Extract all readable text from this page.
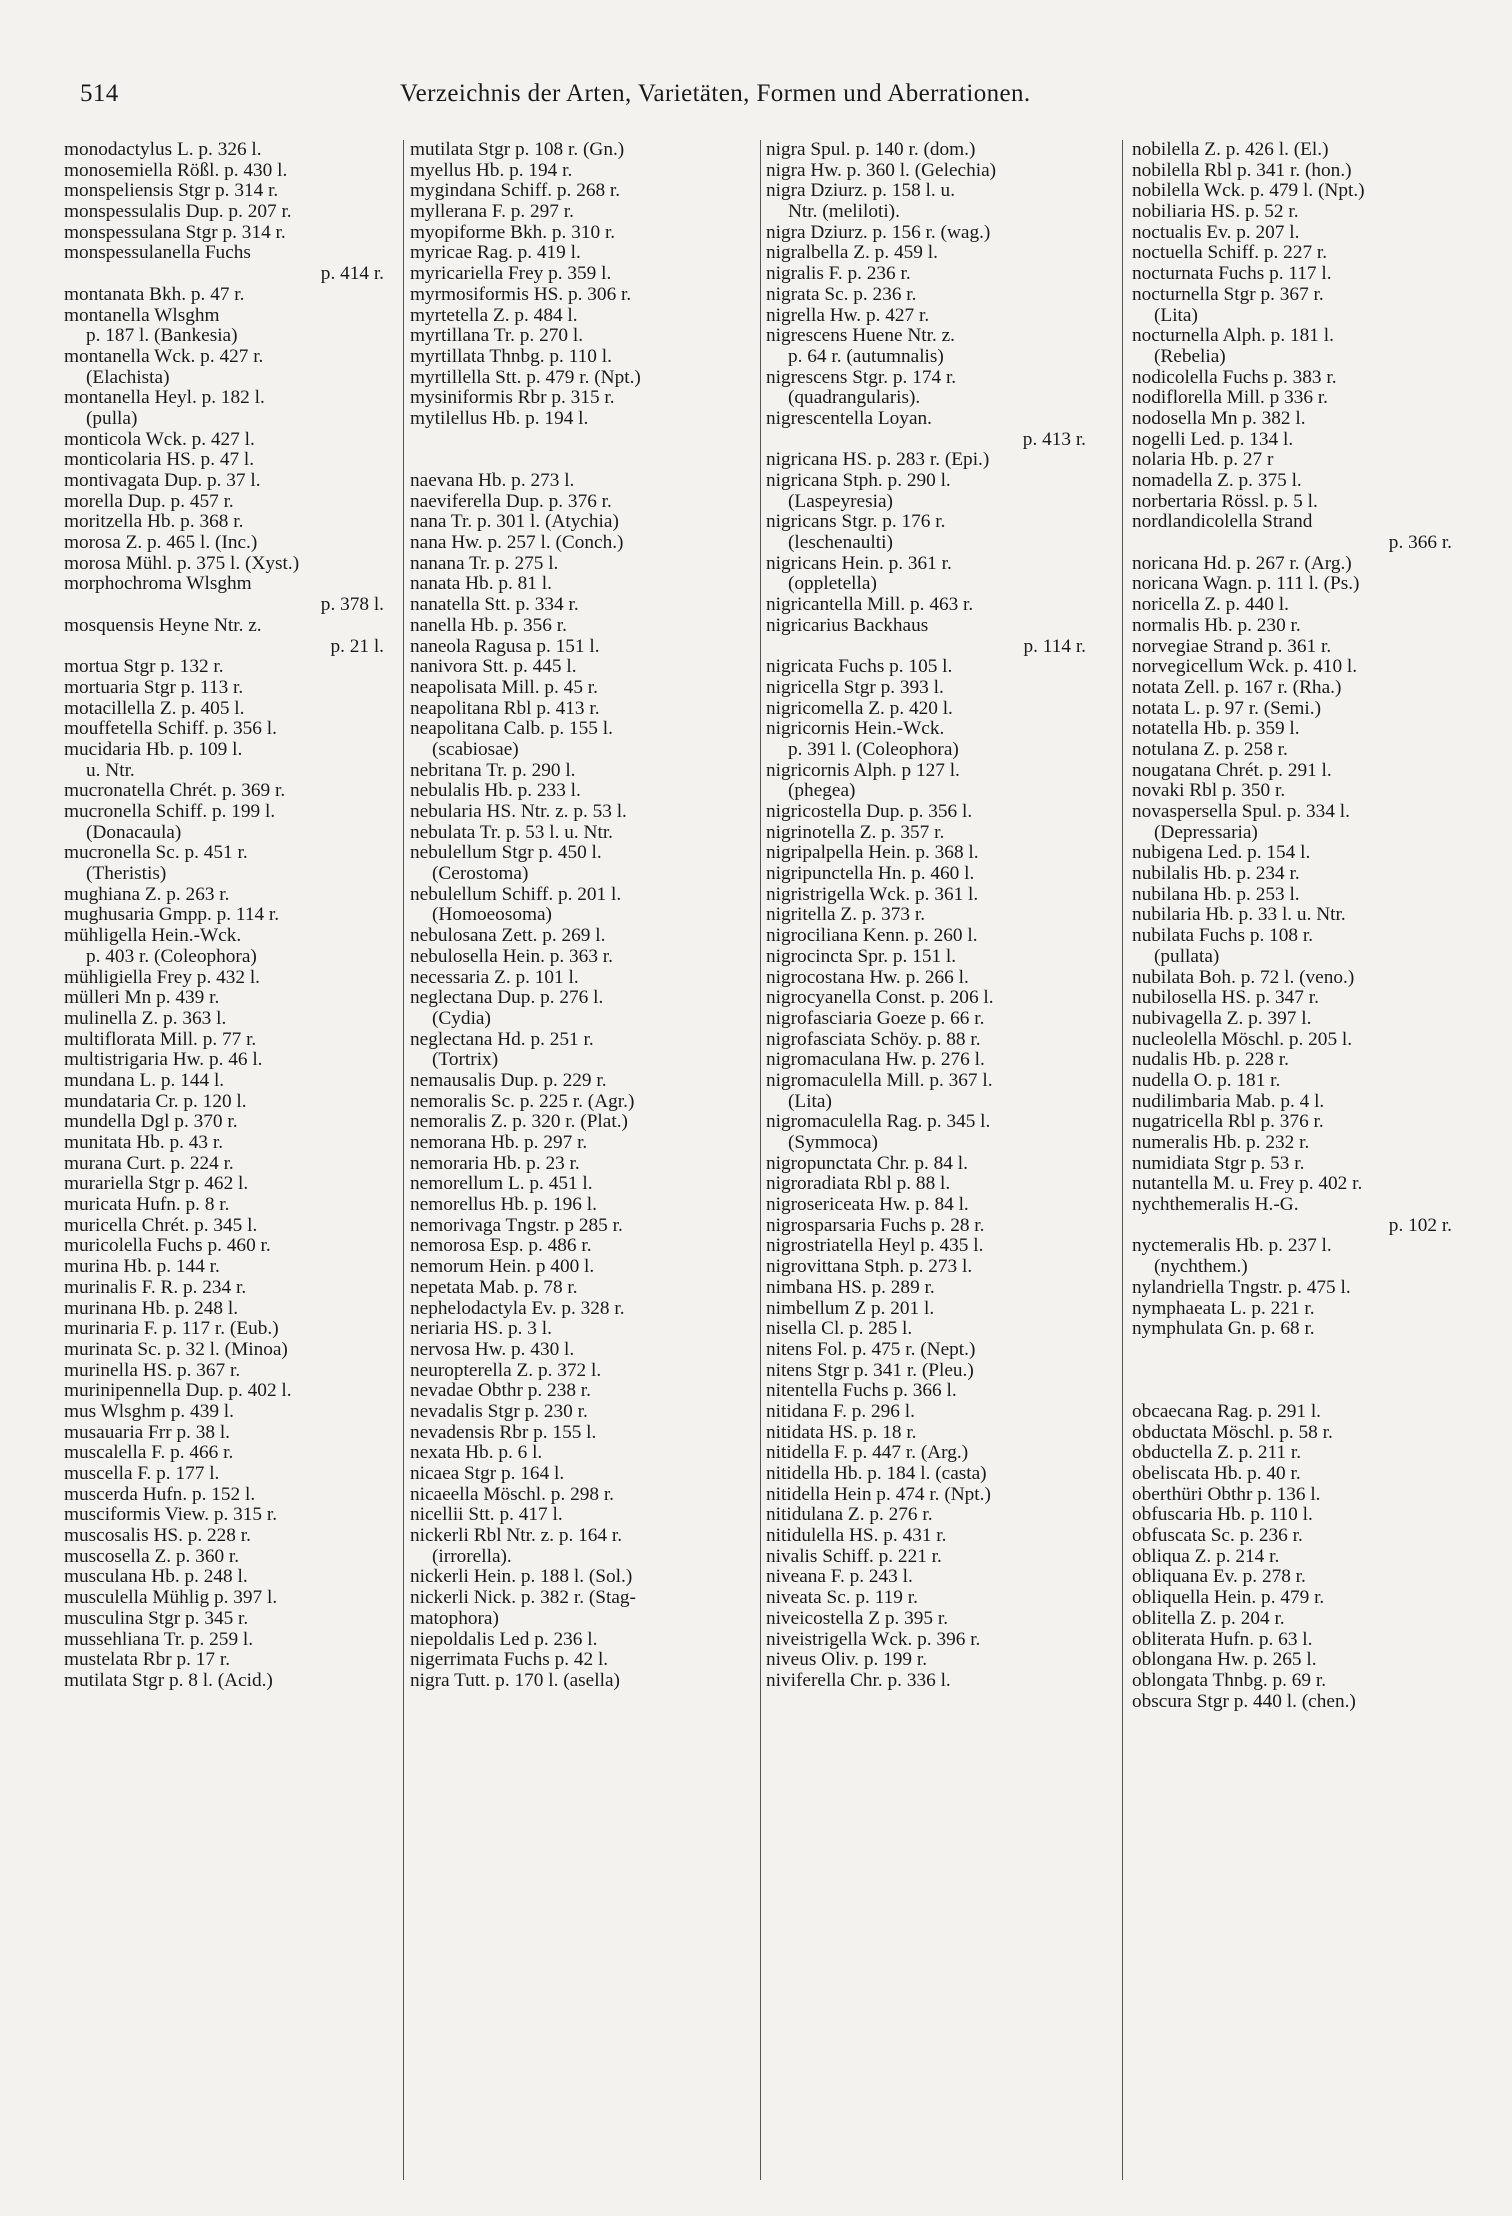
514	Verzeichnis der Arten, Varietäten, Formen und Aberrationen.
monodactylus L. p. 326 l.
monosemiella Rößl. p. 430 l.
monspeliensis Stgr p. 314 r.
monspessulalis Dup. p. 207 r.
monspessulana Stgr p. 314 r.
monspessulanella Fuchs
p. 414 r.
montanata Bkh. p. 47 r.
montanella Wlsghm
p. 187 l. (Bankesia)
montanella Wck. p. 427 r.
(Elachista)
montanella Heyl. p. 182 l.
(pulla)
monticola Wck. p. 427 l.
monticolaria HS. p. 47 l.
montivagata Dup. p. 37 l.
morella Dup. p. 457 r.
moritzella Hb. p. 368 r.
morosa Z. p. 465 l. (Inc.)
morosa Mühl. p. 375 l. (Xyst.)
morphochroma Wlsghm
p. 378 l.
mosquensis Heyne Ntr. z.
p. 21 l.
mortua Stgr p. 132 r.
mortuaria Stgr p. 113 r.
motacillella Z. p. 405 l.
mouffetella Schiff. p. 356 l.
mucidaria Hb. p. 109 l.
u. Ntr.
mucronatella Chrét. p. 369 r.
mucronella Schiff. p. 199 l.
(Donacaula)
mucronella Sc. p. 451 r.
(Theristis)
mughiana Z. p. 263 r.
mughusaria Gmpp. p. 114 r.
mühligella Hein.-Wck.
p. 403 r. (Coleophora)
mühligiella Frey p. 432 l.
mülleri Mn p. 439 r.
mulinella Z. p. 363 l.
multiflorata Mill. p. 77 r.
multistrigaria Hw. p. 46 l.
mundana L. p. 144 l.
mundataria Cr. p. 120 l.
mundella Dgl p. 370 r.
munitata Hb. p. 43 r.
murana Curt. p. 224 r.
murariella Stgr p. 462 l.
muricata Hufn. p. 8 r.
muricella Chrét. p. 345 l.
muricolella Fuchs p. 460 r.
murina Hb. p. 144 r.
murinalis F. R. p. 234 r.
murinana Hb. p. 248 l.
murinaria F. p. 117 r. (Eub.)
murinata Sc. p. 32 l. (Minoa)
murinella HS. p. 367 r.
murinipennella Dup. p. 402 l.
mus Wlsghm p. 439 l.
musauaria Frr p. 38 l.
muscalella F. p. 466 r.
muscella F. p. 177 l.
muscerda Hufn. p. 152 l.
musciformis View. p. 315 r.
muscosalis HS. p. 228 r.
muscosella Z. p. 360 r.
musculana Hb. p. 248 l.
musculella Mühlig p. 397 l.
musculina Stgr p. 345 r.
mussehliana Tr. p. 259 l.
mustelata Rbr p. 17 r.
mutilata Stgr p. 8 l. (Acid.)
mutilata Stgr p. 108 r. (Gn.)
myellus Hb. p. 194 r.
mygindana Schiff. p. 268 r.
myllerana F. p. 297 r.
myopiforme Bkh. p. 310 r.
myricae Rag. p. 419 l.
myricariella Frey p. 359 l.
myrmosiformis HS. p. 306 r.
myrtetella Z. p. 484 l.
myrtillana Tr. p. 270 l.
myrtillata Thnbg. p. 110 l.
myrtillella Stt. p. 479 r. (Npt.)
mysiniformis Rbr p. 315 r.
mytilellus Hb. p. 194 l.
naevana Hb. p. 273 l.
naeviferella Dup. p. 376 r.
nana Tr. p. 301 l. (Atychia)
nana Hw. p. 257 l. (Conch.)
nanana Tr. p. 275 l.
nanata Hb. p. 81 l.
nanatella Stt. p. 334 r.
nanella Hb. p. 356 r.
naneola Ragusa p. 151 l.
nanivora Stt. p. 445 l.
neapolisata Mill. p. 45 r.
neapolitana Rbl p. 413 r.
neapolitana Calb. p. 155 l.
(scabiosae)
nebritana Tr. p. 290 l.
nebulalis Hb. p. 233 l.
nebularia HS. Ntr. z. p. 53 l.
nebulata Tr. p. 53 l. u. Ntr.
nebulellum Stgr p. 450 l.
(Cerostoma)
nebulellum Schiff. p. 201 l.
(Homoeosoma)
nebulosana Zett. p. 269 l.
nebulosella Hein. p. 363 r.
necessaria Z. p. 101 l.
neglectana Dup. p. 276 l.
(Cydia)
neglectana Hd. p. 251 r.
(Tortrix)
nemausalis Dup. p. 229 r.
nemoralis Sc. p. 225 r. (Agr.)
nemoralis Z. p. 320 r. (Plat.)
nemorana Hb. p. 297 r.
nemoraria Hb. p. 23 r.
nemorellum L. p. 451 l.
nemorellus Hb. p. 196 l.
nemorivaga Tngstr. p 285 r.
nemorosa Esp. p. 486 r.
nemorum Hein. p 400 l.
nepetata Mab. p. 78 r.
nephelodactyla Ev. p. 328 r.
neriaria HS. p. 3 l.
nervosa Hw. p. 430 l.
neuropterella Z. p. 372 l.
nevadae Obthr p. 238 r.
nevadalis Stgr p. 230 r.
nevadensis Rbr p. 155 l.
nexata Hb. p. 6 l.
nicaea Stgr p. 164 l.
nicaeella Möschl. p. 298 r.
nicellii Stt. p. 417 l.
nickerli Rbl Ntr. z. p. 164 r.
(irrorella).
nickerli Hein. p. 188 l. (Sol.)
nickerli Nick. p. 382 r. (Stag-
matophora)
niepoldalis Led p. 236 l.
nigerrimata Fuchs p. 42 l.
nigra Tutt. p. 170 l. (asella)
nigra Spul. p. 140 r. (dom.)
nigra Hw. p. 360 l. (Gelechia)
nigra Dziurz. p. 158 l. u.
Ntr. (meliloti).
nigra Dziurz. p. 156 r. (wag.)
nigralbella Z. p. 459 l.
nigralis F. p. 236 r.
nigrata Sc. p. 236 r.
nigrella Hw. p. 427 r.
nigrescens Huene Ntr. z.
p. 64 r. (autumnalis)
nigrescens Stgr. p. 174 r.
(quadrangularis).
nigrescentella Loyan.
p. 413 r.
nigricana HS. p. 283 r. (Epi.)
nigricana Stph. p. 290 l.
(Laspeyresia)
nigricans Stgr. p. 176 r.
(leschenaulti)
nigricans Hein. p. 361 r.
(oppletella)
nigricantella Mill. p. 463 r.
nigricarius Backhaus
p. 114 r.
nigricata Fuchs p. 105 l.
nigricella Stgr p. 393 l.
nigricomella Z. p. 420 l.
nigricornis Hein.-Wck.
p. 391 l. (Coleophora)
nigricornis Alph. p 127 l.
(phegea)
nigricostella Dup. p. 356 l.
nigrinotella Z. p. 357 r.
nigripalpella Hein. p. 368 l.
nigripunctella Hn. p. 460 l.
nigristrigella Wck. p. 361 l.
nigritella Z. p. 373 r.
nigrociliana Kenn. p. 260 l.
nigrocincta Spr. p. 151 l.
nigrocostana Hw. p. 266 l.
nigrocyanella Const. p. 206 l.
nigrofasciaria Goeze p. 66 r.
nigrofasciata Schöy. p. 88 r.
nigromaculana Hw. p. 276 l.
nigromaculella Mill. p. 367 l.
(Lita)
nigromaculella Rag. p. 345 l.
(Symmoca)
nigropunctata Chr. p. 84 l.
nigroradiata Rbl p. 88 l.
nigrosericeata Hw. p. 84 l.
nigrosparsaria Fuchs p. 28 r.
nigrostriatella Heyl p. 435 l.
nigrovittana Stph. p. 273 l.
nimbana HS. p. 289 r.
nimbellum Z p. 201 l.
nisella Cl. p. 285 l.
nitens Fol. p. 475 r. (Nept.)
nitens Stgr p. 341 r. (Pleu.)
nitentella Fuchs p. 366 l.
nitidana F. p. 296 l.
nitidata HS. p. 18 r.
nitidella F. p. 447 r. (Arg.)
nitidella Hb. p. 184 l. (casta)
nitidella Hein p. 474 r. (Npt.)
nitidulana Z. p. 276 r.
nitidulella HS. p. 431 r.
nivalis Schiff. p. 221 r.
niveana F. p. 243 l.
niveata Sc. p. 119 r.
niveicostella Z p. 395 r.
niveistrigella Wck. p. 396 r.
niveus Oliv. p. 199 r.
niviferella Chr. p. 336 l.
nobilella Z. p. 426 l. (El.)
nobilella Rbl p. 341 r. (hon.)
nobilella Wck. p. 479 l. (Npt.)
nobiliaria HS. p. 52 r.
noctualis Ev. p. 207 l.
noctuella Schiff. p. 227 r.
nocturnata Fuchs p. 117 l.
nocturnella Stgr p. 367 r.
(Lita)
nocturnella Alph. p. 181 l.
(Rebelia)
nodicolella Fuchs p. 383 r.
nodiflorella Mill. p 336 r.
nodosella Mn p. 382 l.
nogelli Led. p. 134 l.
nolaria Hb. p. 27 r
nomadella Z. p. 375 l.
norbertaria Rössl. p. 5 l.
nordlandicolella Strand
p. 366 r.
noricana Hd. p. 267 r. (Arg.)
noricana Wagn. p. 111 l. (Ps.)
noricella Z. p. 440 l.
normalis Hb. p. 230 r.
norvegiae Strand p. 361 r.
norvegicellum Wck. p. 410 l.
notata Zell. p. 167 r. (Rha.)
notata L. p. 97 r. (Semi.)
notatella Hb. p. 359 l.
notulana Z. p. 258 r.
nougatana Chrét. p. 291 l.
novaki Rbl p. 350 r.
novaspersella Spul. p. 334 l.
(Depressaria)
nubigena Led. p. 154 l.
nubilalis Hb. p. 234 r.
nubilana Hb. p. 253 l.
nubilaria Hb. p. 33 l. u. Ntr.
nubilata Fuchs p. 108 r.
(pullata)
nubilata Boh. p. 72 l. (veno.)
nubilosella HS. p. 347 r.
nubivagella Z. p. 397 l.
nucleolella Möschl. p. 205 l.
nudalis Hb. p. 228 r.
nudella O. p. 181 r.
nudilimbaria Mab. p. 4 l.
nugatricella Rbl p. 376 r.
numeralis Hb. p. 232 r.
numidiata Stgr p. 53 r.
nutantella M. u. Frey p. 402 r.
nychthemeralis H.-G.
p. 102 r.
nyctemeralis Hb. p. 237 l.
(nychthem.)
nylandriella Tngstr. p. 475 l.
nymphaeata L. p. 221 r.
nymphulata Gn. p. 68 r.
obcaecana Rag. p. 291 l.
obductata Möschl. p. 58 r.
obductella Z. p. 211 r.
obeliscata Hb. p. 40 r.
oberthüri Obthr p. 136 l.
obfuscaria Hb. p. 110 l.
obfuscata Sc. p. 236 r.
obliqua Z. p. 214 r.
obliquana Ev. p. 278 r.
obliquella Hein. p. 479 r.
oblitella Z. p. 204 r.
obliterata Hufn. p. 63 l.
oblongana Hw. p. 265 l.
oblongata Thnbg. p. 69 r.
obscura Stgr p. 440 l. (chen.)
